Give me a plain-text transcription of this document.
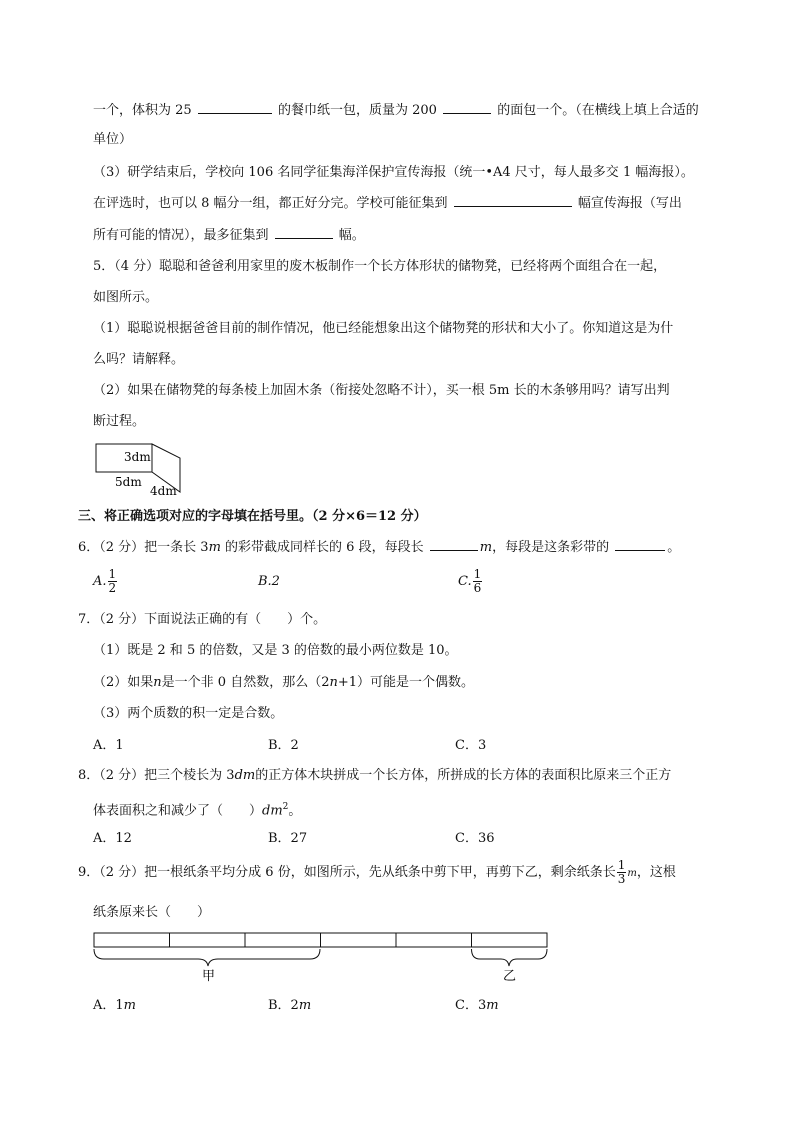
一个，体积为 25	的餐巾纸一包，质量为 200	的面包一个。（在横线上填上合适的
单位）
（3）研学结束后，学校向 106 名同学征集海洋保护宣传海报（统一•A4 尺寸，每人最多交 1 幅海报）。
在评选时，也可以 8 幅分一组，都正好分完。学校可能征集到	幅宣传海报（写出
所有可能的情况），最多征集到	幅。
5．（4 分）聪聪和爸爸利用家里的废木板制作一个长方体形状的储物凳，已经将两个面组合在一起，
如图所示。
（1）聪聪说根据爸爸目前的制作情况，他已经能想象出这个储物凳的形状和大小了。你知道这是为什
么吗？请解释。
（2）如果在储物凳的每条棱上加固木条（衔接处忽略不计），买一根 5m 长的木条够用吗？请写出判
断过程。
3dm
5dm
4dm
三、将正确选项对应的字母填在括号里。（2 分×6＝12 分）
6．（2 分）把一条长 3m 的彩带截成同样长的 6 段，每段长	m，每段是这条彩带的	。
A. $\frac{1}{2}$	B.2	C. $\frac{1}{6}$
7．（2 分）下面说法正确的有（　　）个。
（1）既是 2 和 5 的倍数，又是 3 的倍数的最小两位数是 10。
（2）如果n是一个非 0 自然数，那么（2n+1）可能是一个偶数。
（3）两个质数的积一定是合数。
A．1	B．2	C．3
8．（2 分）把三个棱长为 3dm的正方体木块拼成一个长方体，所拼成的长方体的表面积比原来三个正方
体表面积之和减少了（　　）$dm^2$。
A．12	B．27	C．36
9．（2 分）把一根纸条平均分成 6 份，如图所示，先从纸条中剪下甲，再剪下乙，剩余纸条长 $\frac{1}{3}$ m，这根
纸条原来长（　　）
甲	乙
A．1m	B．2m	C．3m
